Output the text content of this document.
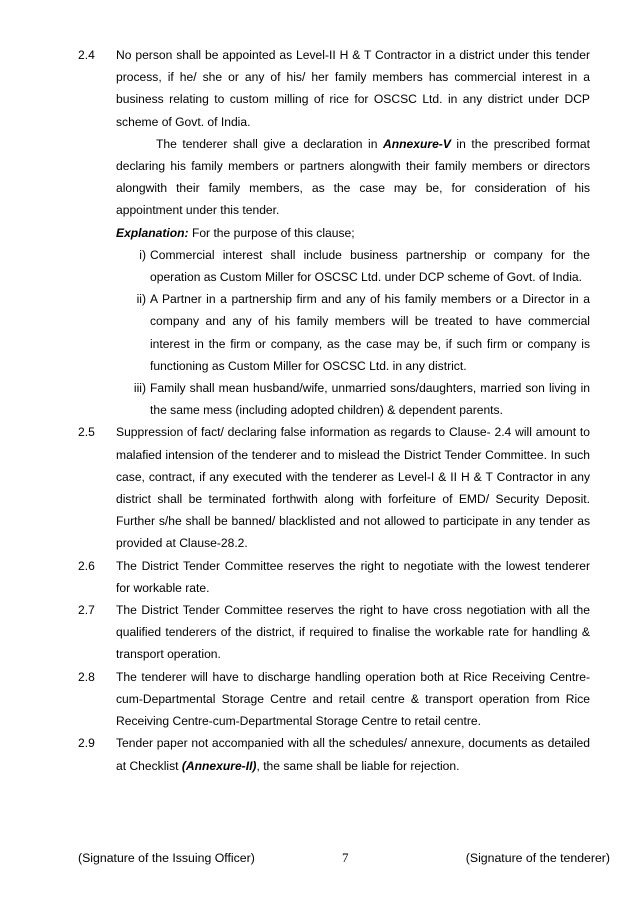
2.4	No person shall be appointed as Level-II H & T Contractor in a district under this tender process, if he/ she or any of his/ her family members has commercial interest in a business relating to custom milling of rice for OSCSC Ltd. in any district under DCP scheme of Govt. of India.

The tenderer shall give a declaration in Annexure-V in the prescribed format declaring his family members or partners alongwith their family members or directors alongwith their family members, as the case may be, for consideration of his appointment under this tender.

Explanation: For the purpose of this clause;

i) Commercial interest shall include business partnership or company for the operation as Custom Miller for OSCSC Ltd. under DCP scheme of Govt. of India.

ii) A Partner in a partnership firm and any of his family members or a Director in a company and any of his family members will be treated to have commercial interest in the firm or company, as the case may be, if such firm or company is functioning as Custom Miller for OSCSC Ltd. in any district.

iii) Family shall mean husband/wife, unmarried sons/daughters, married son living in the same mess (including adopted children) & dependent parents.

2.5	Suppression of fact/ declaring false information as regards to Clause- 2.4 will amount to malafied intension of the tenderer and to mislead the District Tender Committee. In such case, contract, if any executed with the tenderer as Level-I & II H & T Contractor in any district shall be terminated forthwith along with forfeiture of EMD/ Security Deposit. Further s/he shall be banned/ blacklisted and not allowed to participate in any tender as provided at Clause-28.2.

2.6	The District Tender Committee reserves the right to negotiate with the lowest tenderer for workable rate.

2.7	The District Tender Committee reserves the right to have cross negotiation with all the qualified tenderers of the district, if required to finalise the workable rate for handling & transport operation.

2.8	The tenderer will have to discharge handling operation both at Rice Receiving Centre-cum-Departmental Storage Centre and retail centre & transport operation from Rice Receiving Centre-cum-Departmental Storage Centre to retail centre.

2.9	Tender paper not accompanied with all the schedules/ annexure, documents as detailed at Checklist (Annexure-II), the same shall be liable for rejection.

(Signature of the Issuing Officer)	7	(Signature of the tenderer)
